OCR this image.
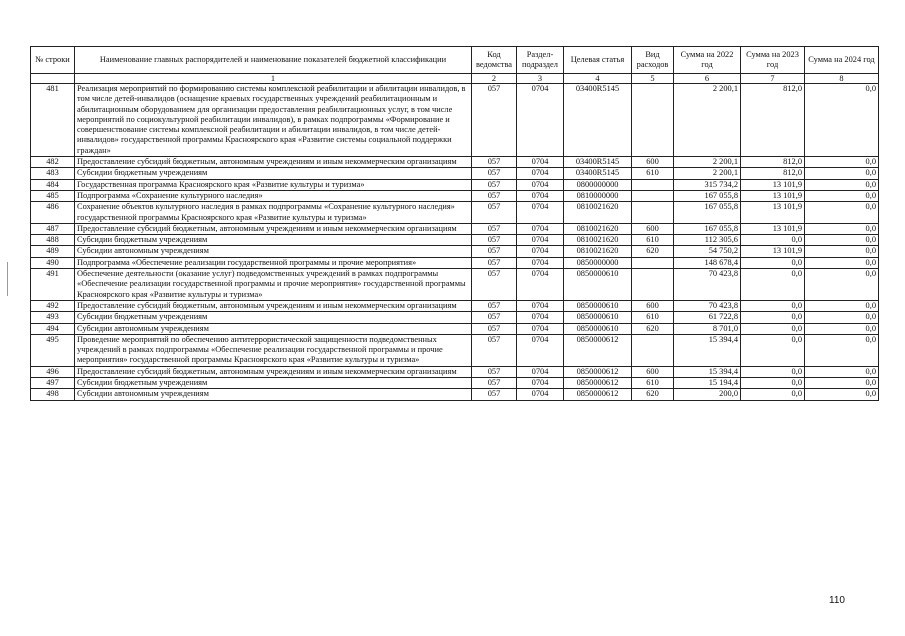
№ строки	Наименование главных распорядителей и наименование показателей бюджетной классификации	Код ведомства	Раздел-подраздел	Целевая статья	Вид расходов	Сумма на 2022 год	Сумма на 2023 год	Сумма на 2024 год
	1	2	3	4	5	6	7	8
481	Реализация мероприятий по формированию системы комплексной реабилитации и абилитации инвалидов, в том числе детей-инвалидов (оснащение краевых государственных учреждений реабилитационным и абилитационным оборудованием для организации предоставления реабилитационных услуг, в том числе мероприятий по социокультурной реабилитации инвалидов), в рамках подпрограммы «Формирование и совершенствование системы комплексной реабилитации и абилитации инвалидов, в том числе детей-инвалидов» государственной программы Красноярского края «Развитие системы социальной поддержки граждан»	057	0704	03400R5145		2 200,1	812,0	0,0
482	Предоставление субсидий бюджетным, автономным учреждениям и иным некоммерческим организациям	057	0704	03400R5145	600	2 200,1	812,0	0,0
483	Субсидии бюджетным учреждениям	057	0704	03400R5145	610	2 200,1	812,0	0,0
484	Государственная программа Красноярского края «Развитие культуры и туризма»	057	0704	0800000000		315 734,2	13 101,9	0,0
485	Подпрограмма «Сохранение культурного наследия»	057	0704	0810000000		167 055,8	13 101,9	0,0
486	Сохранение объектов культурного наследия в рамках подпрограммы «Сохранение культурного наследия» государственной программы Красноярского края «Развитие культуры и туризма»	057	0704	0810021620		167 055,8	13 101,9	0,0
487	Предоставление субсидий бюджетным, автономным учреждениям и иным некоммерческим организациям	057	0704	0810021620	600	167 055,8	13 101,9	0,0
488	Субсидии бюджетным учреждениям	057	0704	0810021620	610	112 305,6	0,0	0,0
489	Субсидии автономным учреждениям	057	0704	0810021620	620	54 750,2	13 101,9	0,0
490	Подпрограмма «Обеспечение реализации государственной программы и прочие мероприятия»	057	0704	0850000000		148 678,4	0,0	0,0
491	Обеспечение деятельности (оказание услуг) подведомственных учреждений в рамках подпрограммы «Обеспечение реализации государственной программы и прочие мероприятия» государственной программы Красноярского края «Развитие культуры и туризма»	057	0704	0850000610		70 423,8	0,0	0,0
492	Предоставление субсидий бюджетным, автономным учреждениям и иным некоммерческим организациям	057	0704	0850000610	600	70 423,8	0,0	0,0
493	Субсидии бюджетным учреждениям	057	0704	0850000610	610	61 722,8	0,0	0,0
494	Субсидии автономным учреждениям	057	0704	0850000610	620	8 701,0	0,0	0,0
495	Проведение мероприятий по обеспечению антитеррористической защищенности подведомственных учреждений в рамках подпрограммы «Обеспечение реализации государственной программы и прочие мероприятия» государственной программы Красноярского края «Развитие культуры и туризма»	057	0704	0850000612		15 394,4	0,0	0,0
496	Предоставление субсидий бюджетным, автономным учреждениям и иным некоммерческим организациям	057	0704	0850000612	600	15 394,4	0,0	0,0
497	Субсидии бюджетным учреждениям	057	0704	0850000612	610	15 194,4	0,0	0,0
498	Субсидии автономным учреждениям	057	0704	0850000612	620	200,0	0,0	0,0
110
